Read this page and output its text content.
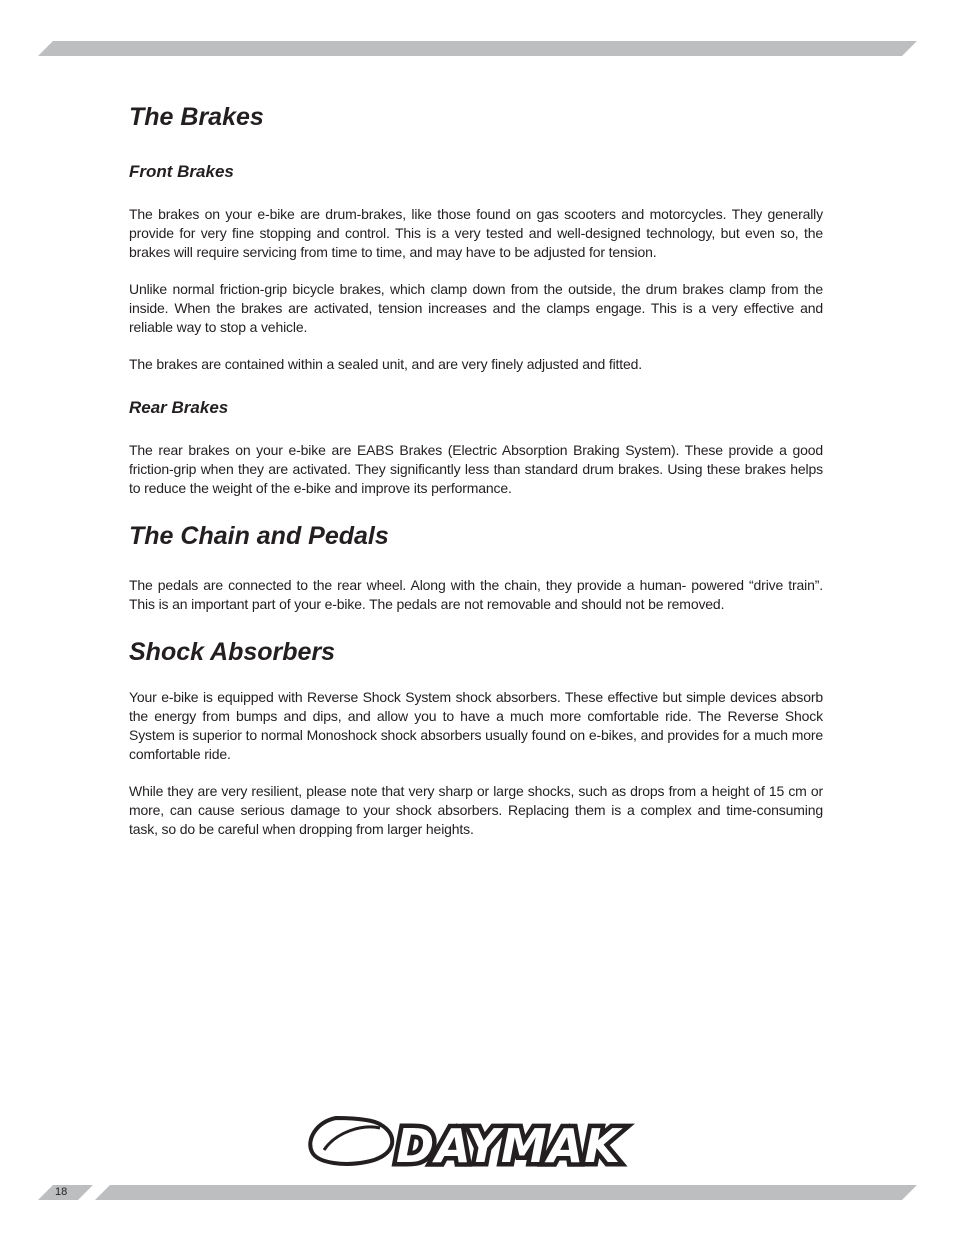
The Brakes
Front Brakes

The brakes on your e-bike are drum-brakes, like those found on gas scooters and motorcycles. They generally provide for very fine stopping and control. This is a very tested and well-designed technology, but even so, the brakes will require servicing from time to time, and may have to be adjusted for tension.

Unlike normal friction-grip bicycle brakes, which clamp down from the outside, the drum brakes clamp from the inside. When the brakes are activated, tension increases and the clamps engage. This is a very effective and reliable way to stop a vehicle.

The brakes are contained within a sealed unit, and are very finely adjusted and fitted.

Rear Brakes

The rear brakes on your e-bike are EABS Brakes (Electric Absorption Braking System). These provide a good friction-grip when they are activated. They significantly less than standard drum brakes. Using these brakes helps to reduce the weight of the e-bike and improve its performance.

The Chain and Pedals

The pedals are connected to the rear wheel. Along with the chain, they provide a human- powered “drive train”. This is an important part of your e-bike. The pedals are not removable and should not be removed.

Shock Absorbers

Your e-bike is equipped with Reverse Shock System shock absorbers. These effective but simple devices absorb the energy from bumps and dips, and allow you to have a much more comfortable ride. The Reverse Shock System is superior to normal Monoshock shock absorbers usually found on e-bikes, and provides for a much more comfortable ride.

While they are very resilient, please note that very sharp or large shocks, such as drops from a height of 15 cm or more, can cause serious damage to your shock absorbers. Replacing them is a complex and time-consuming task, so do be careful when dropping from larger heights.

DAYMAK
18
